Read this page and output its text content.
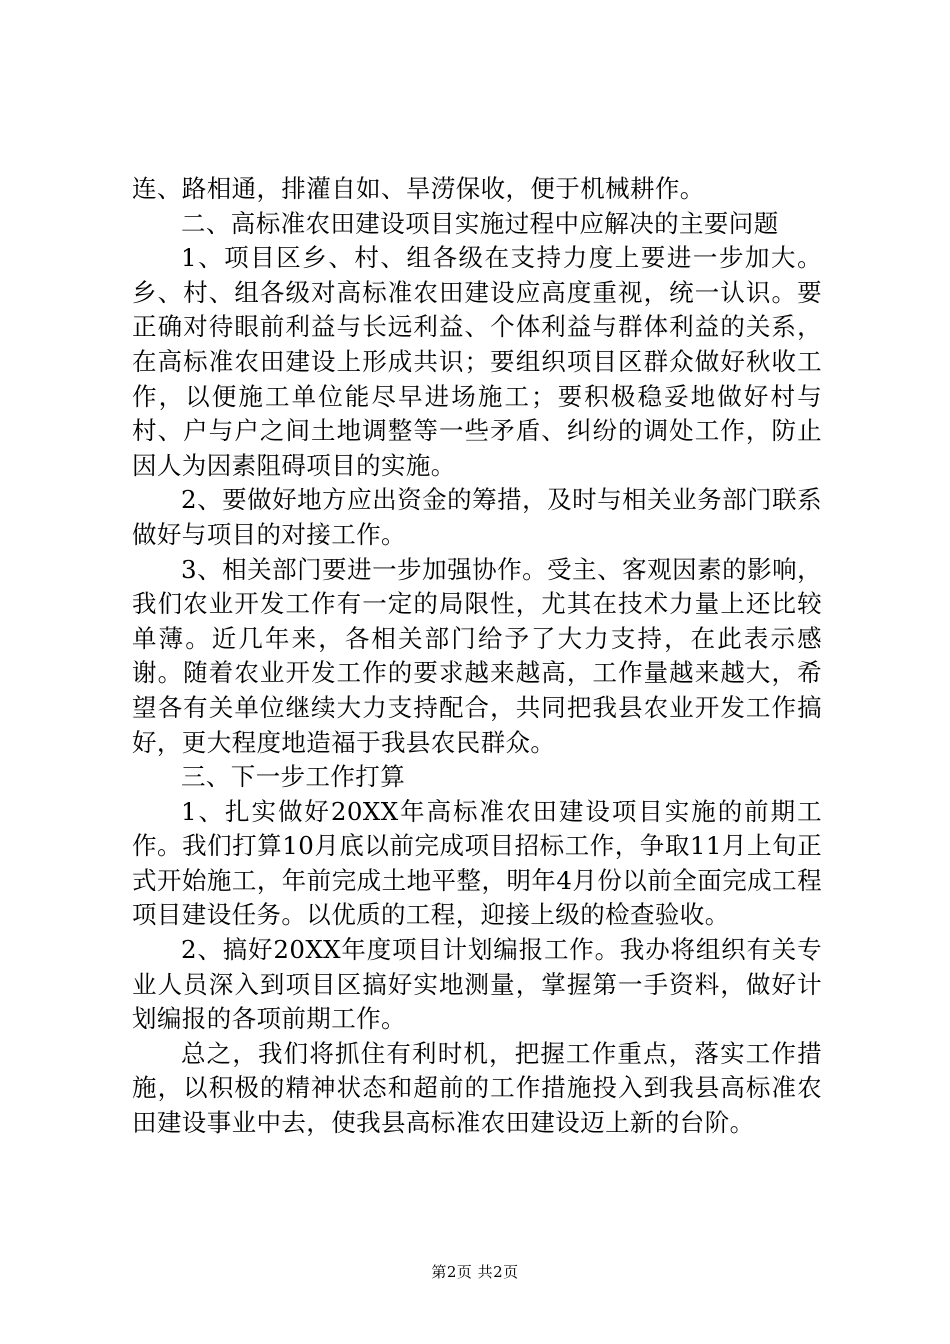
连、路相通，排灌自如、旱涝保收，便于机械耕作。

二、高标准农田建设项目实施过程中应解决的主要问题

1、项目区乡、村、组各级在支持力度上要进一步加大。乡、村、组各级对高标准农田建设应高度重视，统一认识。要正确对待眼前利益与长远利益、个体利益与群体利益的关系，在高标准农田建设上形成共识；要组织项目区群众做好秋收工作，以便施工单位能尽早进场施工；要积极稳妥地做好村与村、户与户之间土地调整等一些矛盾、纠纷的调处工作，防止因人为因素阻碍项目的实施。

2、要做好地方应出资金的筹措，及时与相关业务部门联系做好与项目的对接工作。

3、相关部门要进一步加强协作。受主、客观因素的影响，我们农业开发工作有一定的局限性，尤其在技术力量上还比较单薄。近几年来，各相关部门给予了大力支持，在此表示感谢。随着农业开发工作的要求越来越高，工作量越来越大，希望各有关单位继续大力支持配合，共同把我县农业开发工作搞好，更大程度地造福于我县农民群众。

三、下一步工作打算

1、扎实做好20XX年高标准农田建设项目实施的前期工作。我们打算10月底以前完成项目招标工作，争取11月上旬正式开始施工，年前完成土地平整，明年4月份以前全面完成工程项目建设任务。以优质的工程，迎接上级的检查验收。

2、搞好20XX年度项目计划编报工作。我办将组织有关专业人员深入到项目区搞好实地测量，掌握第一手资料，做好计划编报的各项前期工作。

总之，我们将抓住有利时机，把握工作重点，落实工作措施，以积极的精神状态和超前的工作措施投入到我县高标准农田建设事业中去，使我县高标准农田建设迈上新的台阶。

第2页 共2页
